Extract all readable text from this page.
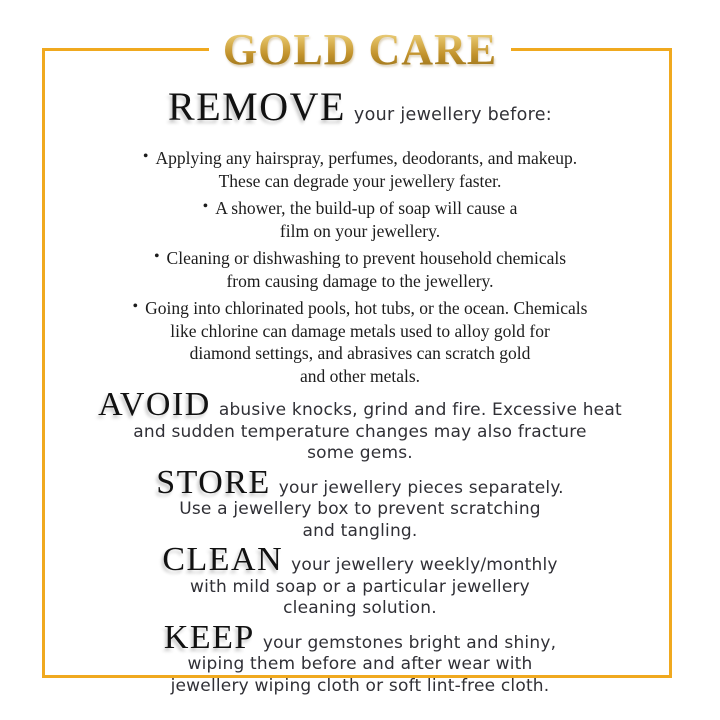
GOLD CARE
REMOVE your jewellery before:
• Applying any hairspray, perfumes, deodorants, and makeup.
These can degrade your jewellery faster.
• A shower, the build-up of soap will cause a
film on your jewellery.
• Cleaning or dishwashing to prevent household chemicals
from causing damage to the jewellery.
• Going into chlorinated pools, hot tubs, or the ocean. Chemicals
like chlorine can damage metals used to alloy gold for
diamond settings, and abrasives can scratch gold
and other metals.
AVOID abusive knocks, grind and fire. Excessive heat
and sudden temperature changes may also fracture
some gems.
STORE your jewellery pieces separately.
Use a jewellery box to prevent scratching
and tangling.
CLEAN your jewellery weekly/monthly
with mild soap or a particular jewellery
cleaning solution.
KEEP your gemstones bright and shiny,
wiping them before and after wear with
jewellery wiping cloth or soft lint-free cloth.
